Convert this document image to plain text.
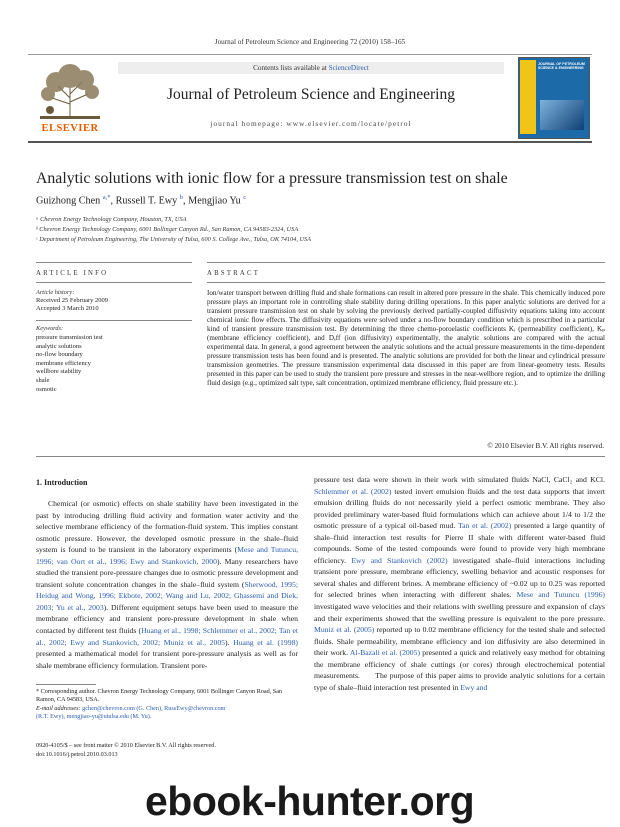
Journal of Petroleum Science and Engineering 72 (2010) 158–165
ELSEVIER
Contents lists available at ScienceDirect
Journal of Petroleum Science and Engineering
journal homepage: www.elsevier.com/locate/petrol
JOURNAL OF PETROLEUM SCIENCE & ENGINEERING
Analytic solutions with ionic flow for a pressure transmission test on shale
Guizhong Chen $^{a,*}$, Russell T. Ewy $^b$, Mengjiao Yu $^c$
ᵃ Chevron Energy Technology Company, Houston, TX, USA
ᵇ Chevron Energy Technology Company, 6001 Bollinger Canyon Rd., San Ramon, CA 94583-2324, USA
ᶜ Department of Petroleum Engineering, The University of Tulsa, 600 S. College Ave., Tulsa, OK 74104, USA
ARTICLE INFO
Article history:
Received 25 February 2009
Accepted 3 March 2010
Keywords:
pressure transmission test
analytic solutions
no-flow boundary
membrane efficiency
wellbore stability
shale
osmotic
ABSTRACT
Ion/water transport between drilling fluid and shale formations can result in altered pore pressure in the shale. This chemically induced pore pressure plays an important role in controlling shale stability during drilling operations. In this paper analytic solutions are derived for a transient pressure transmission test on shale by solving the previously derived partially-coupled diffusivity equations taking into account chemical ionic flow effects. The diffusivity equations were solved under a no-flow boundary condition which is prescribed in a particular kind of transient pressure transmission test. By determining the three chemo-poroelastic coefficients Kᵢ (permeability coefficient), Kₚ (membrane efficiency coefficient), and Dₑff (ion diffusivity) experimentally, the analytic solutions are compared with the actual experimental data. In general, a good agreement between the analytic solutions and the actual pressure measurements in the time-dependent pressure transmission tests has been found and is presented. The analytic solutions are provided for both the linear and cylindrical pressure transmission geometries. The pressure transmission experimental data discussed in this paper are from linear-geometry tests. Results presented in this paper can be used to study the transient pore pressure and stresses in the near-wellbore region, and to optimize the drilling fluid design (e.g., optimized salt type, salt concentration, optimized membrane efficiency, fluid pressure etc.).
© 2010 Elsevier B.V. All rights reserved.
1. Introduction
Chemical (or osmotic) effects on shale stability have been investigated in the past by introducing drilling fluid activity and formation water activity and the selective membrane efficiency of the formation-fluid system. This implies constant osmotic pressure. However, the developed osmotic pressure in the shale–fluid system is found to be transient in the laboratory experiments (Mese and Tutuncu, 1996; van Oort et al., 1996; Ewy and Stankovich, 2000). Many researchers have studied the transient pore-pressure changes due to osmotic pressure development and transient solute concentration changes in the shale–fluid system (Sherwood, 1995; Heidug and Wong, 1996; Ekbote, 2002; Wang and Lu, 2002; Ghassemi and Diek, 2003; Yu et al., 2003). Different equipment setups have been used to measure the membrane efficiency and transient pore-pressure development in shale when contacted by different test fluids (Huang et al., 1998; Schlemmer et al., 2002; Tan et al., 2002; Ewy and Stankovich, 2002; Muniz et al., 2005). Huang et al. (1998) presented a mathematical model for transient pore-pressure analysis as well as for shale membrane efficiency formulation. Transient pore-
pressure test data were shown in their work with simulated fluids NaCl, CaCl₂ and KCl. Schlemmer et al. (2002) tested invert emulsion fluids and the test data supports that invert emulsion drilling fluids do not necessarily yield a perfect osmotic membrane. They also provided preliminary water-based fluid formulations which can achieve about 1/4 to 1/2 the osmotic pressure of a typical oil-based mud. Tan et al. (2002) presented a large quantity of shale–fluid interaction test results for Pierre II shale with different water-based fluid compounds. Some of the tested compounds were found to provide very high membrane efficiency. Ewy and Stankovich (2002) investigated shale–fluid interactions including transient pore pressure, membrane efficiency, swelling behavior and acoustic responses for several shales and different brines. A membrane efficiency of ~0.02 up to 0.25 was reported for selected brines when interacting with different shales. Mese and Tutuncu (1996) investigated wave velocities and their relations with swelling pressure and expansion of clays and their experiments showed that the swelling pressure is equivalent to the pore pressure. Muniz et al. (2005) reported up to 0.02 membrane efficiency for the tested shale and selected fluids. Shale permeability, membrane efficiency and ion diffusivity are also determined in their work. Al-Bazali et al. (2005) presented a quick and relatively easy method for obtaining the membrane efficiency of shale cuttings (or cores) through electrochemical potential measurements.  The purpose of this paper aims to provide analytic solutions for a certain type of shale–fluid interaction test presented in Ewy and
* Corresponding author. Chevron Energy Technology Company, 6001 Bollinger Canyon Road, San Ramon, CA 94583, USA.
E-mail addresses: gchen@chevron.com (G. Chen), RussEwy@chevron.com
(R.T. Ewy), mengjiao-yu@utulsa.edu (M. Yu).
0920-4105/$ – see front matter © 2010 Elsevier B.V. All rights reserved.
doi:10.1016/j.petrol.2010.03.013
ebook-hunter.org
